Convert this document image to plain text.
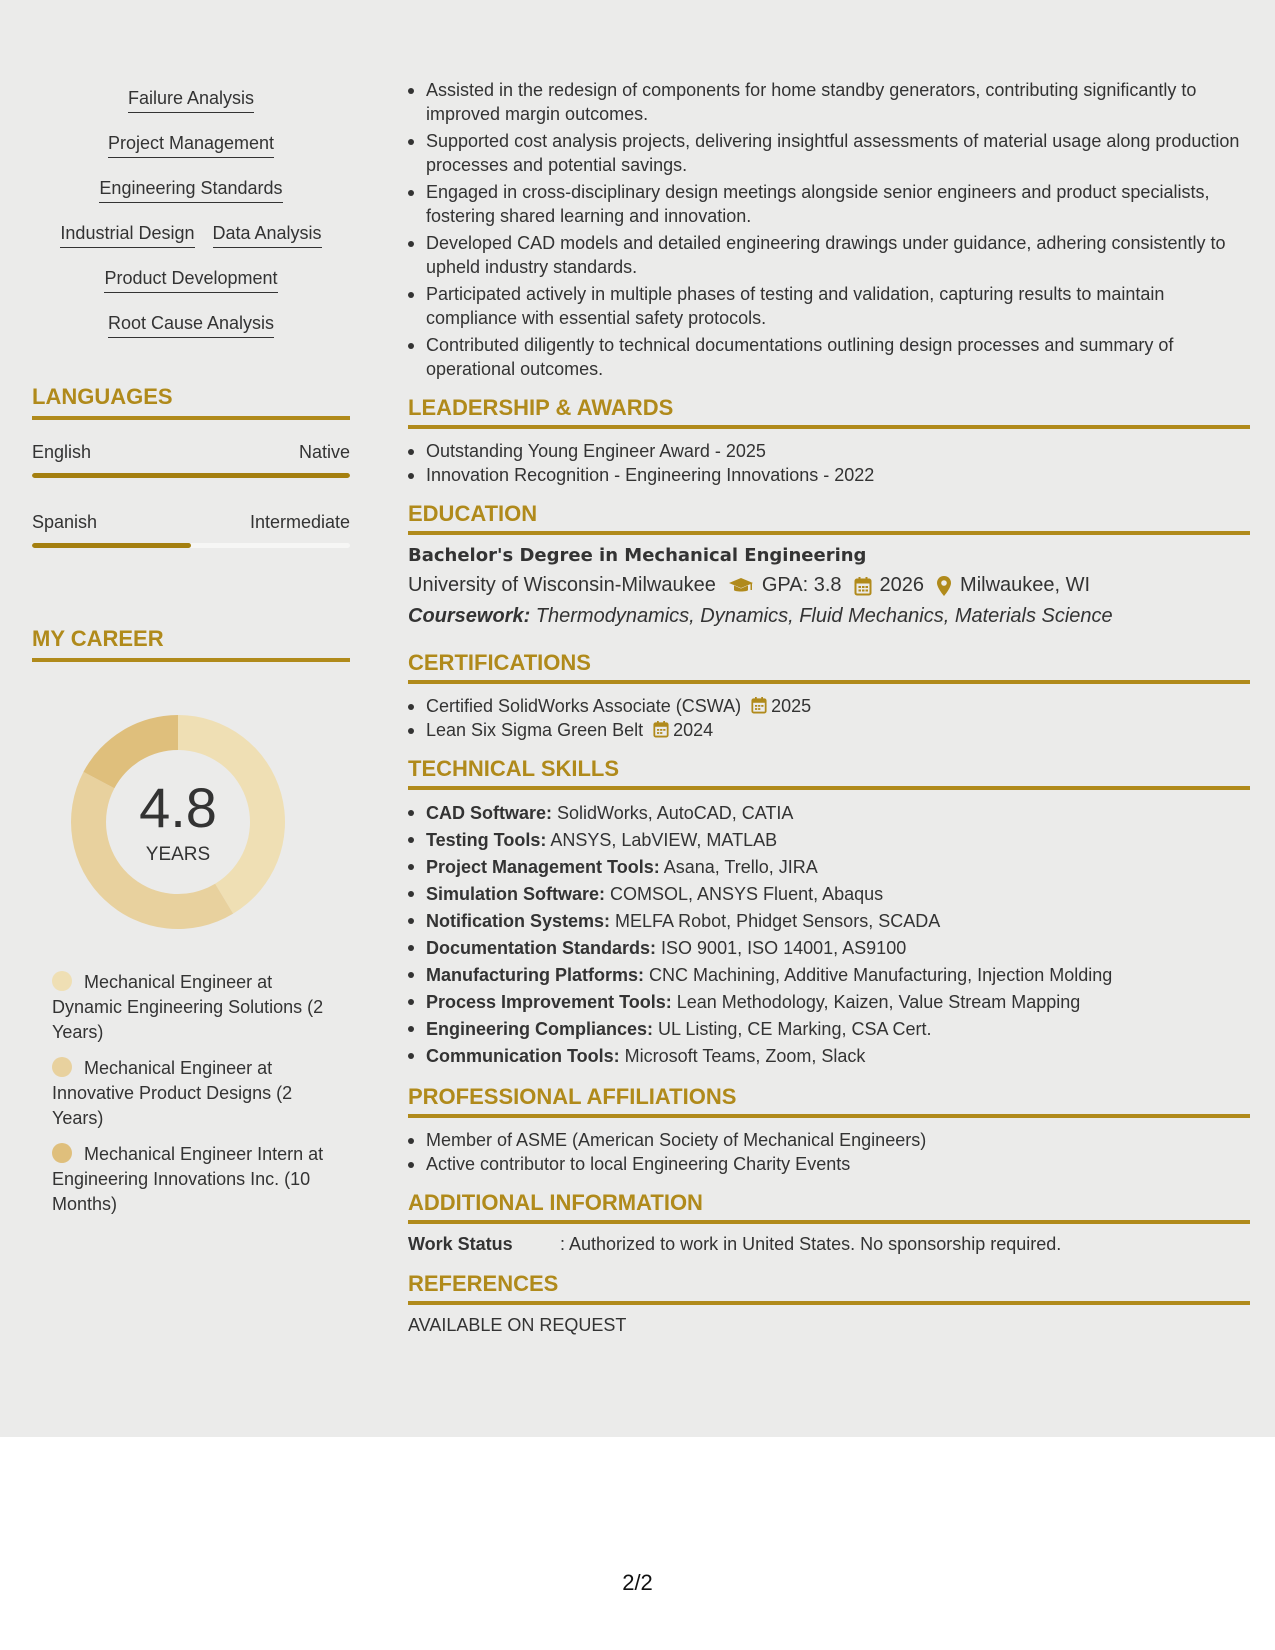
Failure Analysis
Project Management
Engineering Standards
Industrial Design Data Analysis
Product Development
Root Cause Analysis
LANGUAGES
English	Native
Spanish	Intermediate
MY CAREER
4.8
YEARS
Mechanical Engineer at Dynamic Engineering Solutions (2 Years)
Mechanical Engineer at Innovative Product Designs (2 Years)
Mechanical Engineer Intern at Engineering Innovations Inc. (10 Months)
Assisted in the redesign of components for home standby generators, contributing significantly to improved margin outcomes.
Supported cost analysis projects, delivering insightful assessments of material usage along production processes and potential savings.
Engaged in cross-disciplinary design meetings alongside senior engineers and product specialists, fostering shared learning and innovation.
Developed CAD models and detailed engineering drawings under guidance, adhering consistently to upheld industry standards.
Participated actively in multiple phases of testing and validation, capturing results to maintain compliance with essential safety protocols.
Contributed diligently to technical documentations outlining design processes and summary of operational outcomes.
LEADERSHIP & AWARDS
Outstanding Young Engineer Award - 2025
Innovation Recognition - Engineering Innovations - 2022
EDUCATION
Bachelor's Degree in Mechanical Engineering
University of Wisconsin-Milwaukee GPA: 3.8 2026 Milwaukee, WI
Coursework: Thermodynamics, Dynamics, Fluid Mechanics, Materials Science
CERTIFICATIONS
Certified SolidWorks Associate (CSWA) 2025
Lean Six Sigma Green Belt 2024
TECHNICAL SKILLS
CAD Software: SolidWorks, AutoCAD, CATIA
Testing Tools: ANSYS, LabVIEW, MATLAB
Project Management Tools: Asana, Trello, JIRA
Simulation Software: COMSOL, ANSYS Fluent, Abaqus
Notification Systems: MELFA Robot, Phidget Sensors, SCADA
Documentation Standards: ISO 9001, ISO 14001, AS9100
Manufacturing Platforms: CNC Machining, Additive Manufacturing, Injection Molding
Process Improvement Tools: Lean Methodology, Kaizen, Value Stream Mapping
Engineering Compliances: UL Listing, CE Marking, CSA Cert.
Communication Tools: Microsoft Teams, Zoom, Slack
PROFESSIONAL AFFILIATIONS
Member of ASME (American Society of Mechanical Engineers)
Active contributor to local Engineering Charity Events
ADDITIONAL INFORMATION
Work Status	: Authorized to work in United States. No sponsorship required.
REFERENCES
AVAILABLE ON REQUEST
2/2
